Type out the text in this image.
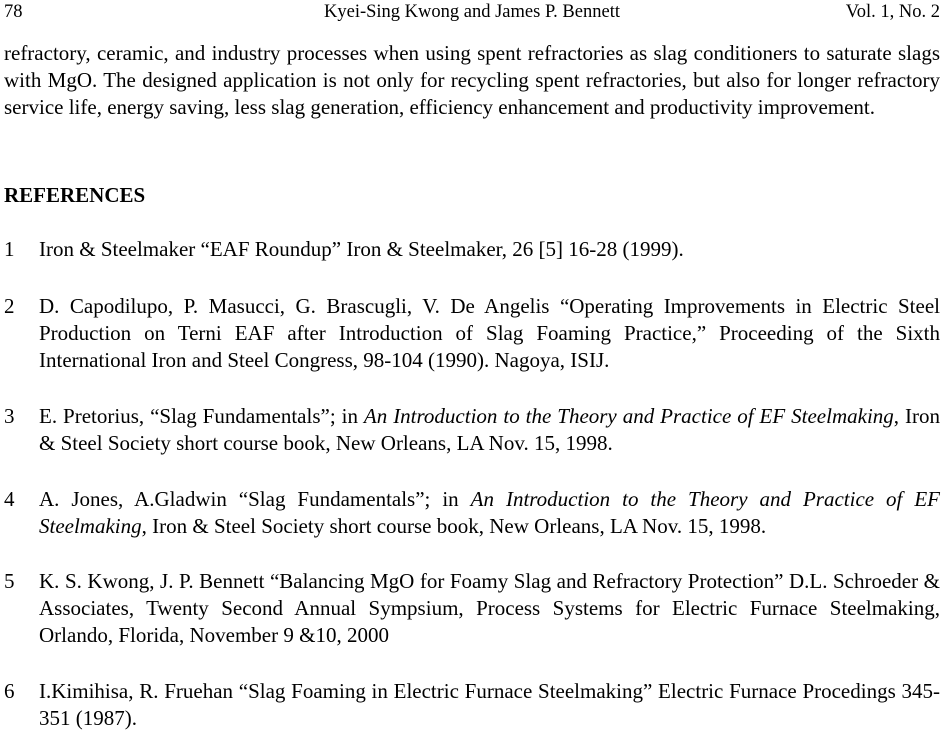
78	Kyei-Sing Kwong and James P. Bennett	Vol. 1, No. 2
refractory, ceramic, and industry processes when using spent refractories as slag conditioners to saturate slags with MgO. The designed application is not only for recycling spent refractories, but also for longer refractory service life, energy saving, less slag generation, efficiency enhancement and productivity improvement.
REFERENCES
1 Iron & Steelmaker “EAF Roundup” Iron & Steelmaker, 26 [5] 16-28 (1999).
2 D. Capodilupo, P. Masucci, G. Brascugli, V. De Angelis “Operating Improvements in Electric Steel Production on Terni EAF after Introduction of Slag Foaming Practice,” Proceeding of the Sixth International Iron and Steel Congress, 98-104 (1990). Nagoya, ISIJ.
3 E. Pretorius, “Slag Fundamentals”; in An Introduction to the Theory and Practice of EF Steelmaking, Iron & Steel Society short course book, New Orleans, LA Nov. 15, 1998.
4 A. Jones, A.Gladwin “Slag Fundamentals”; in An Introduction to the Theory and Practice of EF Steelmaking, Iron & Steel Society short course book, New Orleans, LA Nov. 15, 1998.
5 K. S. Kwong, J. P. Bennett “Balancing MgO for Foamy Slag and Refractory Protection” D.L. Schroeder & Associates, Twenty Second Annual Sympsium, Process Systems for Electric Furnace Steelmaking, Orlando, Florida, November 9 &10, 2000
6 I.Kimihisa, R. Fruehan “Slag Foaming in Electric Furnace Steelmaking” Electric Furnace Procedings 345-351 (1987).
